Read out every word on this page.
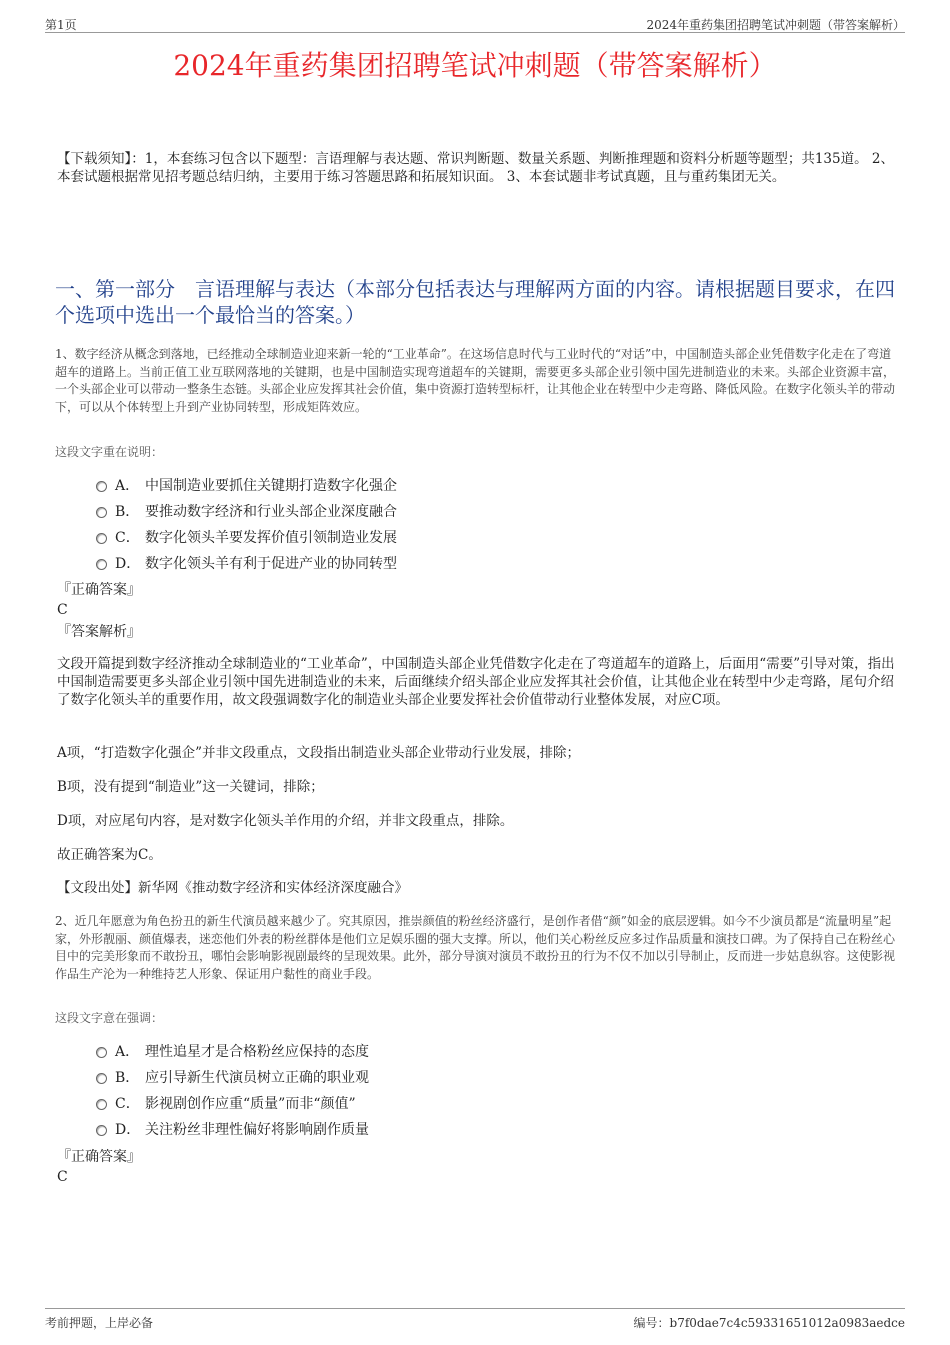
第1页	2024年重药集团招聘笔试冲刺题（带答案解析）
2024年重药集团招聘笔试冲刺题（带答案解析）
【下载须知】：1，本套练习包含以下题型：言语理解与表达题、常识判断题、数量关系题、判断推理题和资料分析题等题型；共135道。 2、本套试题根据常见招考题总结归纳，主要用于练习答题思路和拓展知识面。 3、本套试题非考试真题，且与重药集团无关。
一、第一部分　言语理解与表达（本部分包括表达与理解两方面的内容。请根据题目要求，在四个选项中选出一个最恰当的答案。）
1、数字经济从概念到落地，已经推动全球制造业迎来新一轮的“工业革命”。在这场信息时代与工业时代的“对话”中，中国制造头部企业凭借数字化走在了弯道超车的道路上。当前正值工业互联网落地的关键期，也是中国制造实现弯道超车的关键期，需要更多头部企业引领中国先进制造业的未来。头部企业资源丰富，一个头部企业可以带动一整条生态链。头部企业应发挥其社会价值，集中资源打造转型标杆，让其他企业在转型中少走弯路、降低风险。在数字化领头羊的带动下，可以从个体转型上升到产业协同转型，形成矩阵效应。
这段文字重在说明：
A． 中国制造业要抓住关键期打造数字化强企
B． 要推动数字经济和行业头部企业深度融合
C． 数字化领头羊要发挥价值引领制造业发展
D． 数字化领头羊有利于促进产业的协同转型
『正确答案』
C
『答案解析』
文段开篇提到数字经济推动全球制造业的“工业革命”，中国制造头部企业凭借数字化走在了弯道超车的道路上，后面用“需要”引导对策，指出中国制造需要更多头部企业引领中国先进制造业的未来，后面继续介绍头部企业应发挥其社会价值，让其他企业在转型中少走弯路，尾句介绍了数字化领头羊的重要作用，故文段强调数字化的制造业头部企业要发挥社会价值带动行业整体发展，对应C项。
A项，“打造数字化强企”并非文段重点，文段指出制造业头部企业带动行业发展，排除；
B项，没有提到“制造业”这一关键词，排除；
D项，对应尾句内容，是对数字化领头羊作用的介绍，并非文段重点，排除。
故正确答案为C。
【文段出处】新华网《推动数字经济和实体经济深度融合》
2、近几年愿意为角色扮丑的新生代演员越来越少了。究其原因，推崇颜值的粉丝经济盛行，是创作者借“颜”如金的底层逻辑。如今不少演员都是“流量明星”起家，外形靓丽、颜值爆表，迷恋他们外表的粉丝群体是他们立足娱乐圈的强大支撑。所以，他们关心粉丝反应多过作品质量和演技口碑。为了保持自己在粉丝心目中的完美形象而不敢扮丑，哪怕会影响影视剧最终的呈现效果。此外，部分导演对演员不敢扮丑的行为不仅不加以引导制止，反而进一步姑息纵容。这使影视作品生产沦为一种维持艺人形象、保证用户黏性的商业手段。
这段文字意在强调：
A． 理性追星才是合格粉丝应保持的态度
B． 应引导新生代演员树立正确的职业观
C． 影视剧创作应重“质量”而非“颜值”
D． 关注粉丝非理性偏好将影响剧作质量
『正确答案』
C
考前押题，上岸必备	编号：b7f0dae7c4c59331651012a0983aedce
